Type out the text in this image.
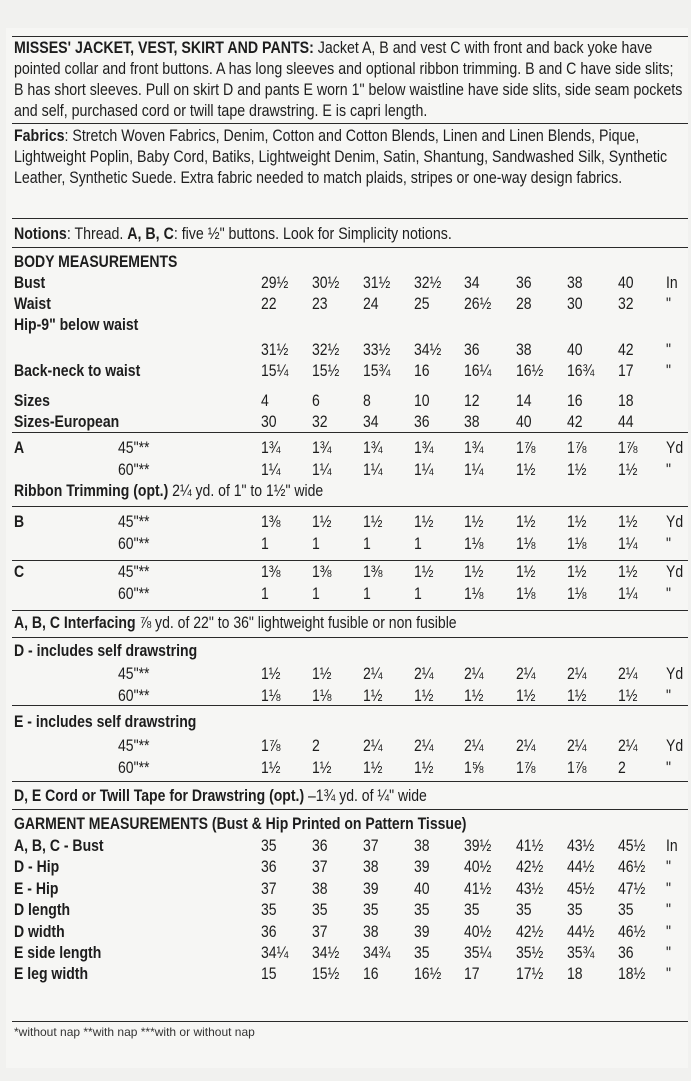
MISSES' JACKET, VEST, SKIRT AND PANTS: Jacket A, B and vest C with front and back yoke have pointed collar and front buttons. A has long sleeves and optional ribbon trimming. B and C have side slits; B has short sleeves. Pull on skirt D and pants E worn 1" below waistline have side slits, side seam pockets and self, purchased cord or twill tape drawstring. E is capri length.
Fabrics: Stretch Woven Fabrics, Denim, Cotton and Cotton Blends, Linen and Linen Blends, Pique, Lightweight Poplin, Baby Cord, Batiks, Lightweight Denim, Satin, Shantung, Sandwashed Silk, Synthetic Leather, Synthetic Suede. Extra fabric needed to match plaids, stripes or one-way design fabrics.
Notions: Thread. A, B, C: five ½" buttons. Look for Simplicity notions.
BODY MEASUREMENTS
Bust	29½ 30½ 31½ 32½ 34 36 38 40 In
Waist	22 23 24 25 26½ 28 30 32 "
Hip-9" below waist
31½ 32½ 33½ 34½ 36 38 40 42 "
Back-neck to waist	15¼ 15½ 15¾ 16 16¼ 16½ 16¾ 17 "
Sizes	4	6	8	10 12 14 16 18
Sizes-European	30 32 34 36 38 40 42 44
A	45"**	1¾ 1¾ 1¾ 1¾ 1¾ 1⅞ 1⅞ 1⅞ Yd
60"**	1¼ 1¼ 1¼ 1¼ 1¼ 1½ 1½ 1½ "
Ribbon Trimming (opt.) 2¼ yd. of 1" to 1½" wide
B	45"**	1⅜ 1½ 1½ 1½ 1½ 1½ 1½ 1½ Yd
60"**	1	1	1	1	1⅛ 1⅛ 1⅛ 1¼ "
C	45"**	1⅜ 1⅜ 1⅜ 1½ 1½ 1½ 1½ 1½ Yd
60"**	1	1	1	1	1⅛ 1⅛ 1⅛ 1¼ "
A, B, C Interfacing ⅞ yd. of 22" to 36" lightweight fusible or non fusible
D - includes self drawstring
45"**	1½ 1½ 2¼ 2¼ 2¼ 2¼ 2¼ 2¼ Yd
60"**	1⅛ 1⅛ 1½ 1½ 1½ 1½ 1½ 1½ "
E - includes self drawstring
45"**	1⅞ 2	2¼ 2¼ 2¼ 2¼ 2¼ 2¼ Yd
60"**	1½ 1½ 1½ 1½ 1⅝ 1⅞ 1⅞ 2 "
D, E Cord or Twill Tape for Drawstring (opt.) –1¾ yd. of ¼" wide
GARMENT MEASUREMENTS (Bust & Hip Printed on Pattern Tissue)
A, B, C - Bust	35 36 37 38 39½ 41½ 43½ 45½ In
D - Hip	36 37 38 39 40½ 42½ 44½ 46½ "
E - Hip	37 38 39 40 41½ 43½ 45½ 47½ "
D length	35 35 35 35 35 35 35 35 "
D width	36 37 38 39 40½ 42½ 44½ 46½ "
E side length	34¼ 34½ 34¾ 35 35¼ 35½ 35¾ 36 "
E leg width	15 15½ 16 16½ 17 17½ 18 18½ "
*without nap **with nap ***with or without nap
